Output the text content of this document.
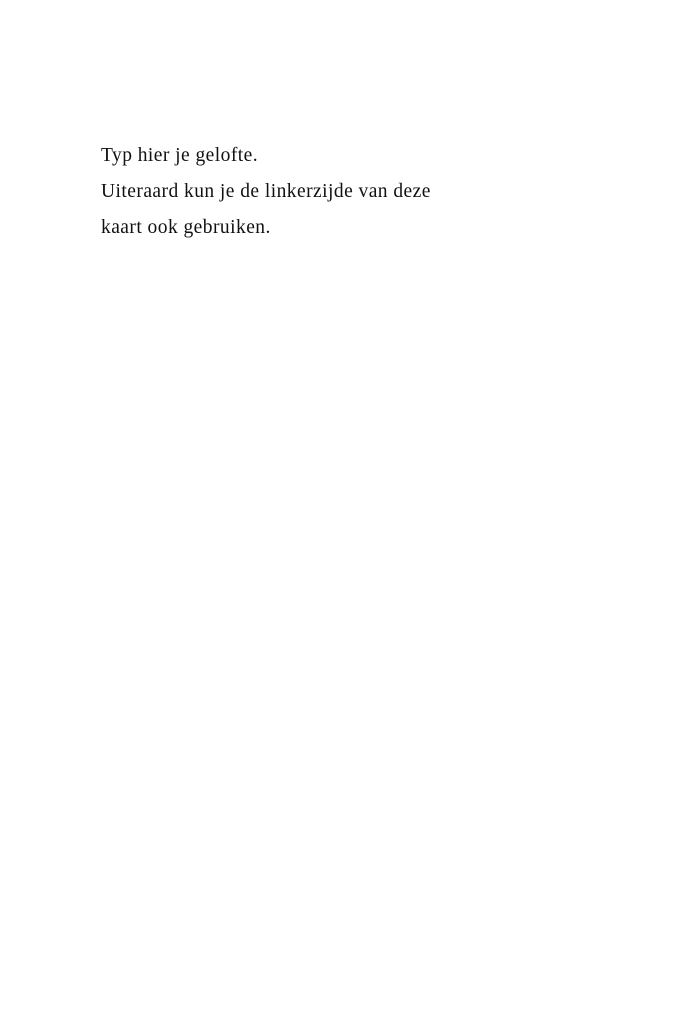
Typ hier je gelofte.
Uiteraard kun je de linkerzijde van deze
kaart ook gebruiken.
